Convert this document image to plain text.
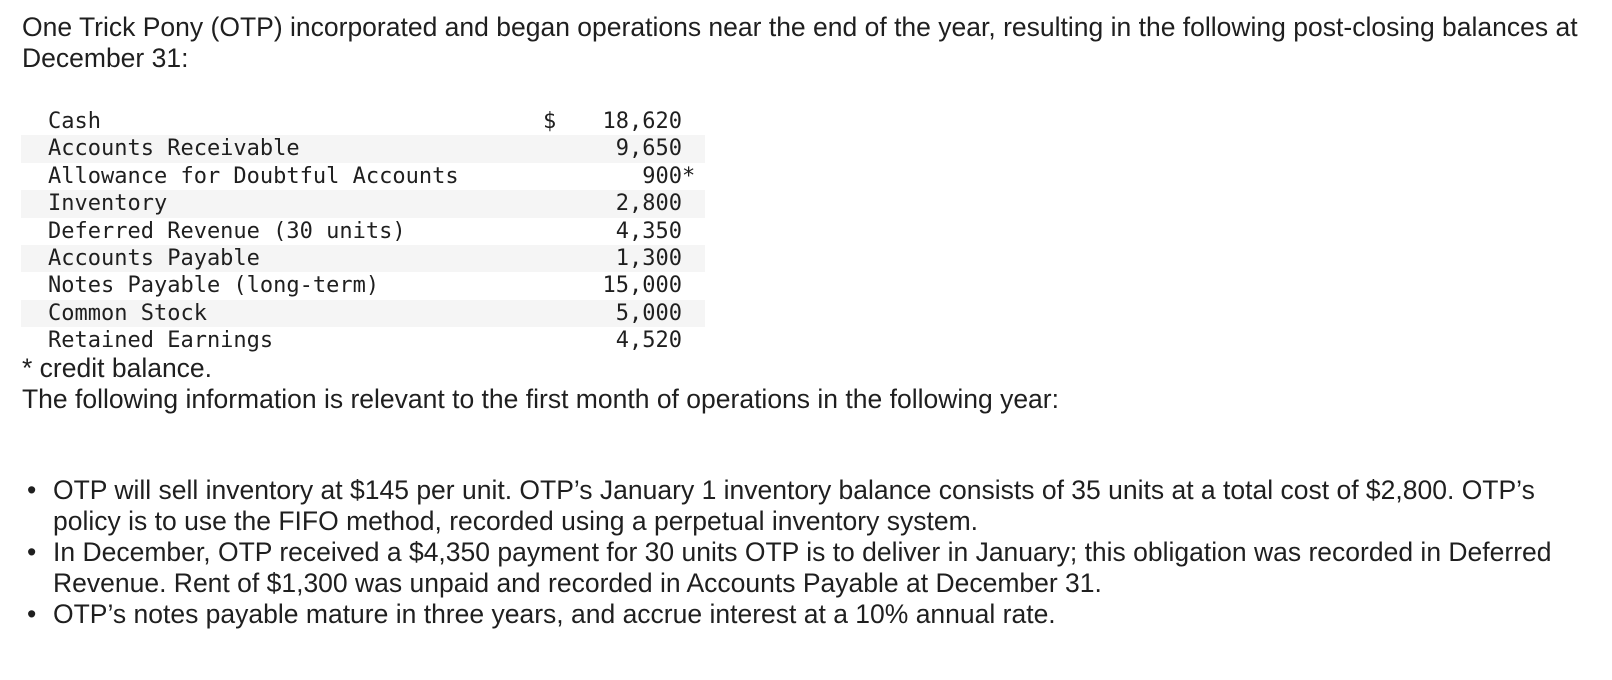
One Trick Pony (OTP) incorporated and began operations near the end of the year, resulting in the following post-closing balances at December 31:

Cash	$	18,620	
Accounts Receivable		9,650	
Allowance for Doubtful Accounts		900	*
Inventory		2,800	
Deferred Revenue (30 units)		4,350	
Accounts Payable		1,300	
Notes Payable (long-term)		15,000	
Common Stock		5,000	
Retained Earnings		4,520	

* credit balance.

The following information is relevant to the first month of operations in the following year:

• OTP will sell inventory at $145 per unit. OTP’s January 1 inventory balance consists of 35 units at a total cost of $2,800. OTP’s policy is to use the FIFO method, recorded using a perpetual inventory system.
• In December, OTP received a $4,350 payment for 30 units OTP is to deliver in January; this obligation was recorded in Deferred Revenue. Rent of $1,300 was unpaid and recorded in Accounts Payable at December 31.
• OTP’s notes payable mature in three years, and accrue interest at a 10% annual rate.
